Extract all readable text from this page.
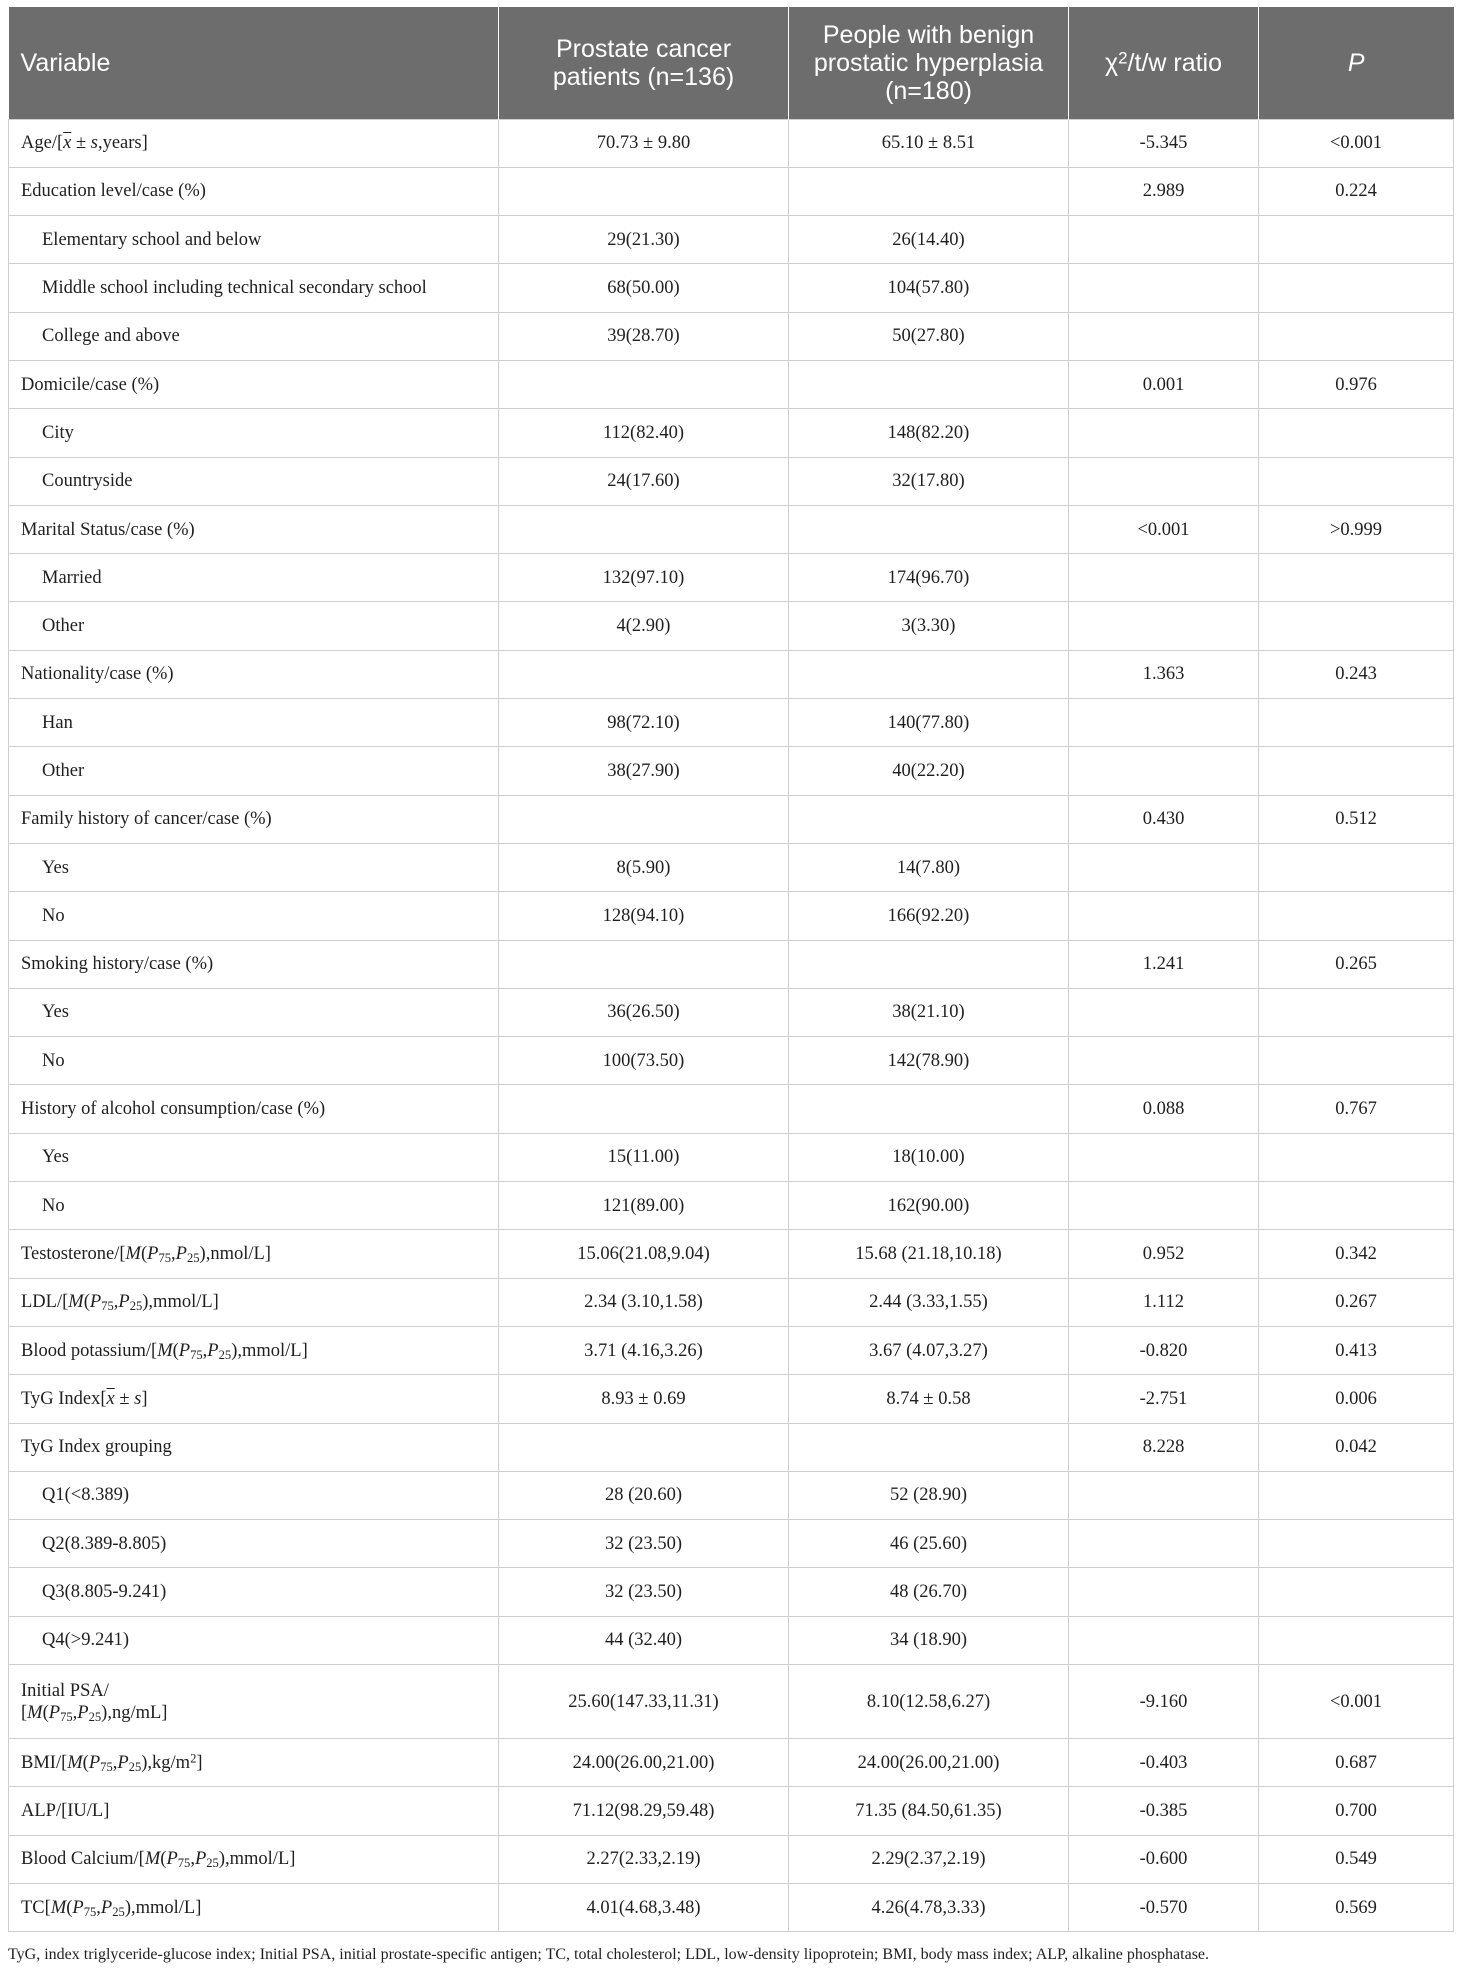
Variable	Prostate cancer patients (n=136)	People with benign prostatic hyperplasia (n=180)	$\chi^2/t/w$ ratio	P
Age/[$\overline{x}$ ± s,years]	70.73 ± 9.80	65.10 ± 8.51	-5.345	<0.001
Education level/case (%)			2.989	0.224
Elementary school and below	29(21.30)	26(14.40)		
Middle school including technical secondary school	68(50.00)	104(57.80)		
College and above	39(28.70)	50(27.80)		
Domicile/case (%)			0.001	0.976
City	112(82.40)	148(82.20)		
Countryside	24(17.60)	32(17.80)		
Marital Status/case (%)			<0.001	>0.999
Married	132(97.10)	174(96.70)		
Other	4(2.90)	3(3.30)		
Nationality/case (%)			1.363	0.243
Han	98(72.10)	140(77.80)		
Other	38(27.90)	40(22.20)		
Family history of cancer/case (%)			0.430	0.512
Yes	8(5.90)	14(7.80)		
No	128(94.10)	166(92.20)		
Smoking history/case (%)			1.241	0.265
Yes	36(26.50)	38(21.10)		
No	100(73.50)	142(78.90)		
History of alcohol consumption/case (%)			0.088	0.767
Yes	15(11.00)	18(10.00)		
No	121(89.00)	162(90.00)		
Testosterone/$[M(P_{75},P_{25}),nmol/L]$	15.06(21.08,9.04)	15.68 (21.18,10.18)	0.952	0.342
LDL/$[M(P_{75},P_{25}),mmol/L]$	2.34 (3.10,1.58)	2.44 (3.33,1.55)	1.112	0.267
Blood potassium/$[M(P_{75},P_{25}),mmol/L]$	3.71 (4.16,3.26)	3.67 (4.07,3.27)	-0.820	0.413
TyG $Index[\overline{x} \pm s]$	8.93 ± 0.69	8.74 ± 0.58	-2.751	0.006
TyG Index grouping			8.228	0.042
Q1(<8.389)	28 (20.60)	52 (28.90)		
Q2(8.389-8.805)	32 (23.50)	46 (25.60)		
Q3(8.805-9.241)	32 (23.50)	48 (26.70)		
Q4(>9.241)	44 (32.40)	34 (18.90)		
Initial PSA/
$[M(P_{75},P_{25}),ng/mL]$	25.60(147.33,11.31)	8.10(12.58,6.27)	-9.160	<0.001
BMI/$[M(P_{75},P_{25}),kg/m^2]$	24.00(26.00,21.00)	24.00(26.00,21.00)	-0.403	0.687
ALP/[IU/L]	71.12(98.29,59.48)	71.35 (84.50,61.35)	-0.385	0.700
Blood Calcium/$[M(P_{75},P_{25}),mmol/L]$	2.27(2.33,2.19)	2.29(2.37,2.19)	-0.600	0.549
$TC[M(P_{75},P_{25}),mmol/L]$	4.01(4.68,3.48)	4.26(4.78,3.33)	-0.570	0.569
TyG, index triglyceride-glucose index; Initial PSA, initial prostate-specific antigen; TC, total cholesterol; LDL, low-density lipoprotein; BMI, body mass index; ALP, alkaline phosphatase.
